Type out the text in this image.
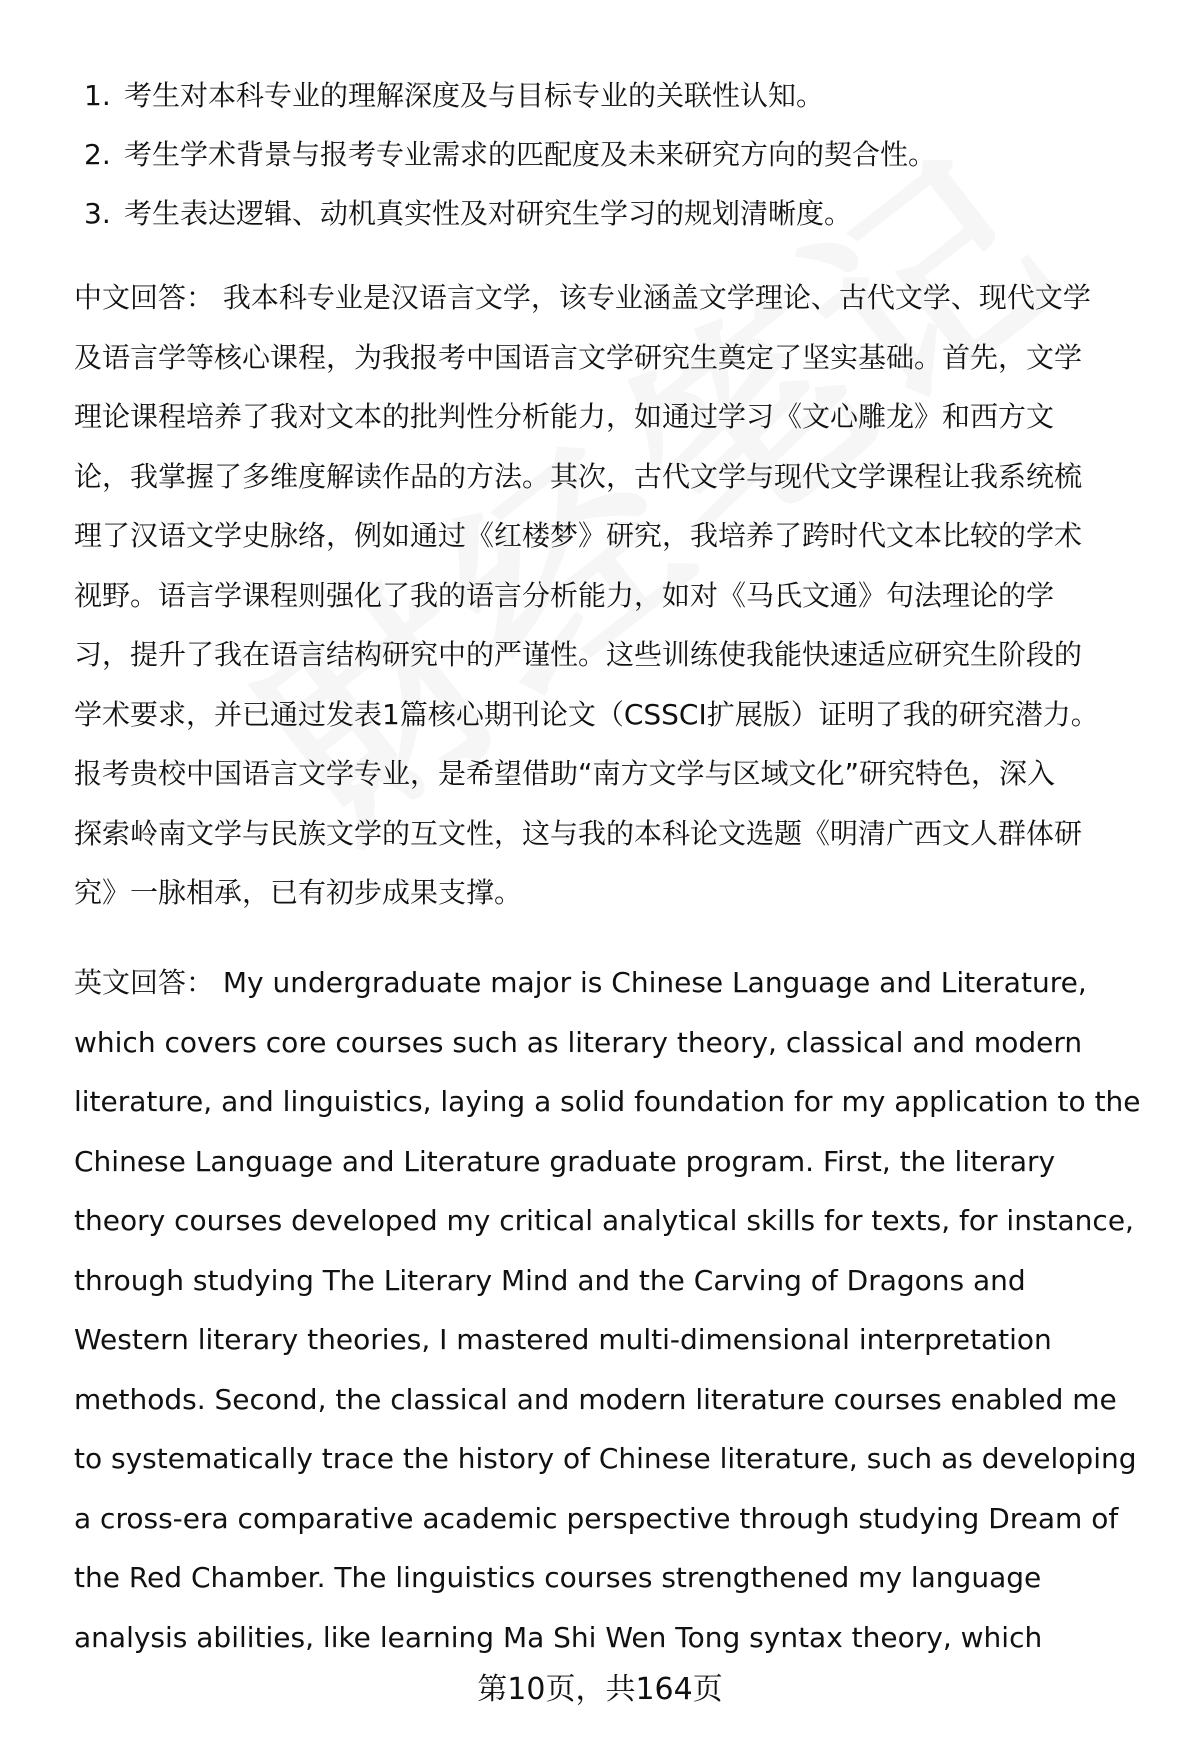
1. 考生对本科专业的理解深度及与目标专业的关联性认知。
2. 考生学术背景与报考专业需求的匹配度及未来研究方向的契合性。
3. 考生表达逻辑、动机真实性及对研究生学习的规划清晰度。
中文回答： 我本科专业是汉语言文学，该专业涵盖文学理论、古代文学、现代文学
及语言学等核心课程，为我报考中国语言文学研究生奠定了坚实基础。首先，文学
理论课程培养了我对文本的批判性分析能力，如通过学习《文心雕龙》和西方文
论，我掌握了多维度解读作品的方法。其次，古代文学与现代文学课程让我系统梳
理了汉语文学史脉络，例如通过《红楼梦》研究，我培养了跨时代文本比较的学术
视野。语言学课程则强化了我的语言分析能力，如对《马氏文通》句法理论的学
习，提升了我在语言结构研究中的严谨性。这些训练使我能快速适应研究生阶段的
学术要求，并已通过发表1篇核心期刊论文（CSSCI扩展版）证明了我的研究潜力。
报考贵校中国语言文学专业，是希望借助“南方文学与区域文化”研究特色，深入
探索岭南文学与民族文学的互文性，这与我的本科论文选题《明清广西文人群体研
究》一脉相承，已有初步成果支撑。
英文回答： My undergraduate major is Chinese Language and Literature,
which covers core courses such as literary theory, classical and modern
literature, and linguistics, laying a solid foundation for my application to the
Chinese Language and Literature graduate program. First, the literary
theory courses developed my critical analytical skills for texts, for instance,
through studying The Literary Mind and the Carving of Dragons and
Western literary theories, I mastered multi-dimensional interpretation
methods. Second, the classical and modern literature courses enabled me
to systematically trace the history of Chinese literature, such as developing
a cross-era comparative academic perspective through studying Dream of
the Red Chamber. The linguistics courses strengthened my language
analysis abilities, like learning Ma Shi Wen Tong syntax theory, which
第10页，共164页
